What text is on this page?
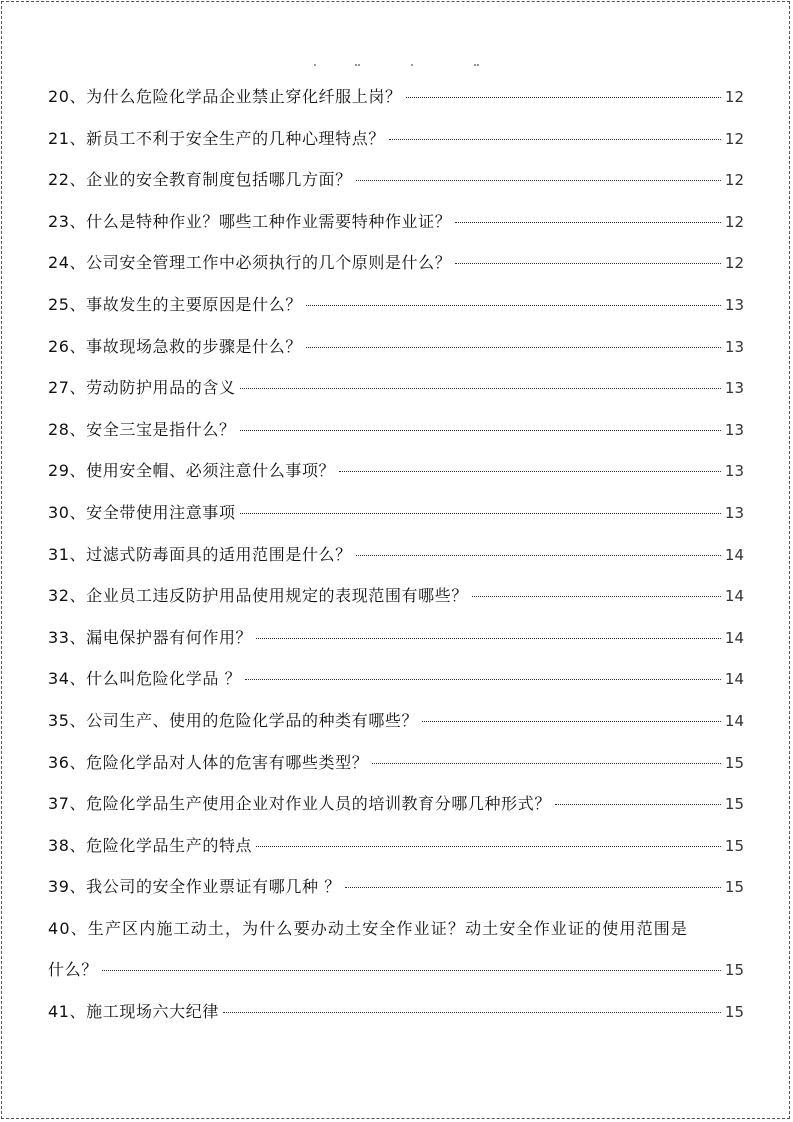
20、为什么危险化学品企业禁止穿化纤服上岗？	12
21、新员工不利于安全生产的几种心理特点？	12
22、企业的安全教育制度包括哪几方面？	12
23、什么是特种作业？哪些工种作业需要特种作业证？	12
24、公司安全管理工作中必须执行的几个原则是什么？	12
25、事故发生的主要原因是什么？	13
26、事故现场急救的步骤是什么？	13
27、劳动防护用品的含义	13
28、安全三宝是指什么？	13
29、使用安全帽、必须注意什么事项？	13
30、安全带使用注意事项	13
31、过滤式防毒面具的适用范围是什么？	14
32、企业员工违反防护用品使用规定的表现范围有哪些？	14
33、漏电保护器有何作用？	14
34、什么叫危险化学品 ？	14
35、公司生产、使用的危险化学品的种类有哪些？	14
36、危险化学品对人体的危害有哪些类型？	15
37、危险化学品生产使用企业对作业人员的培训教育分哪几种形式？	15
38、危险化学品生产的特点	15
39、我公司的安全作业票证有哪几种 ？	15
40、生产区内施工动土，为什么要办动土安全作业证？动土安全作业证的使用范围是
什么？	15
41、施工现场六大纪律	15
